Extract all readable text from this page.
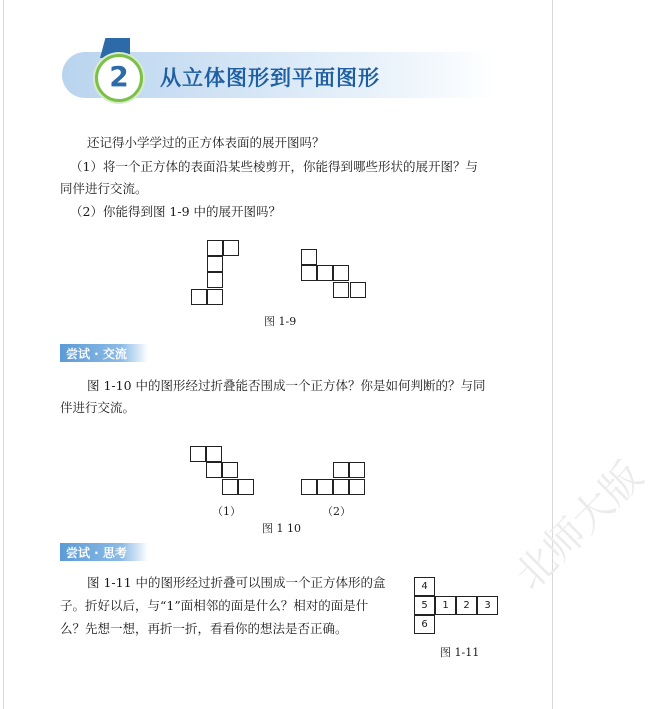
2	从立体图形到平面图形
还记得小学学过的正方体表面的展开图吗？
（1）将一个正方体的表面沿某些棱剪开，你能得到哪些形状的展开图？与
同伴进行交流。
（2）你能得到图 1-9 中的展开图吗？
图 1-9
尝试 · 交流
图 1-10 中的图形经过折叠能否围成一个正方体？你是如何判断的？与同
伴进行交流。
（1）	（2）
图 1 10
尝试 · 思考
图 1-11 中的图形经过折叠可以围成一个正方体形的盒
子。折好以后，与“1”面相邻的面是什么？相对的面是什
么？先想一想，再折一折，看看你的想法是否正确。
4
5	1	2	3
6
图 1-11
北师大版
